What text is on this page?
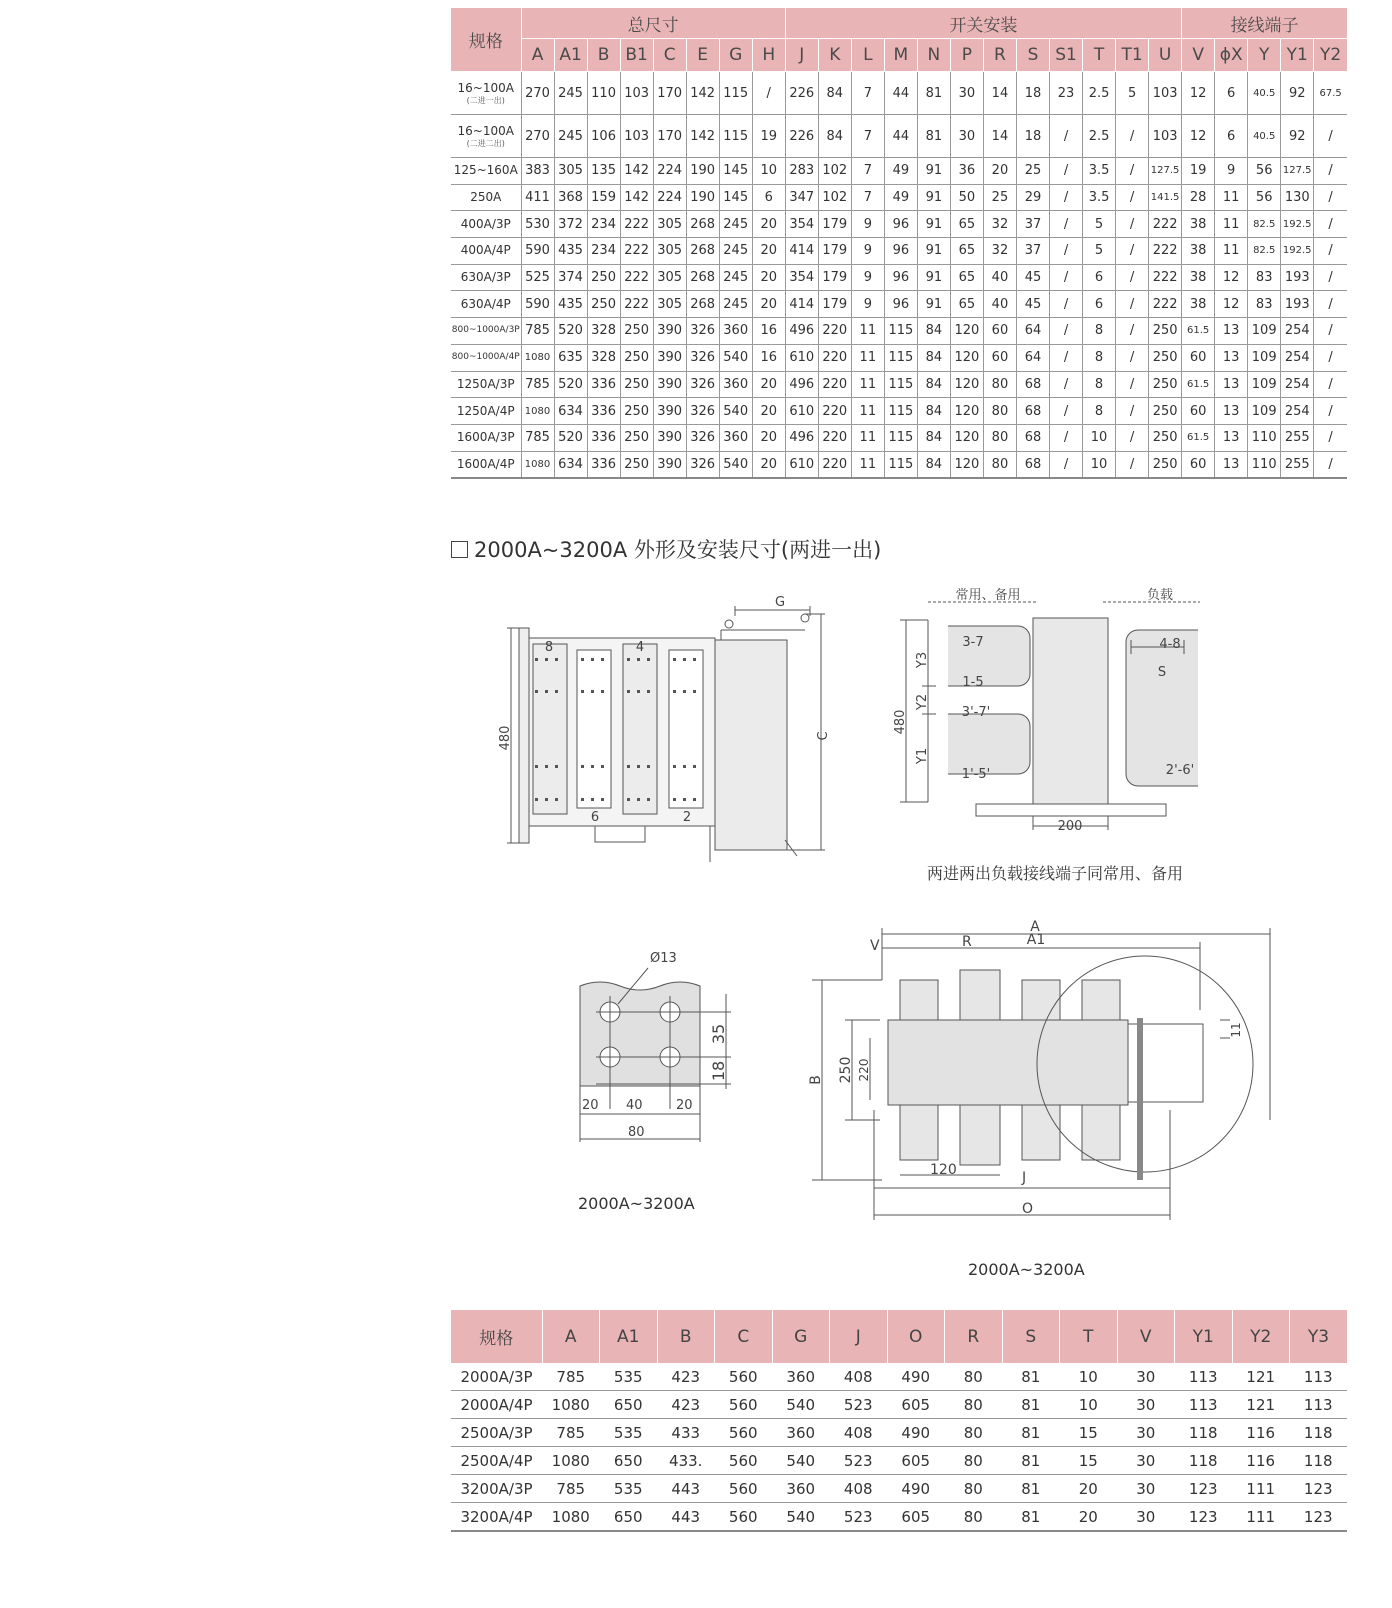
规格	总尺寸								开关安装												接线端子				
	A	A1	B	B1	C	E	G	H	J	K	L	M	N	P	R	S	S1	T	T1	U	V	ϕX	Y	Y1	Y2

16~100A
(二进一出)	270	245	110	103	170	142	115	/	226	84	7	44	81	30	14	18	23	2.5	5	103	12	6	40.5	92	67.5

16~100A
(二进二出)	270	245	106	103	170	142	115	19	226	84	7	44	81	30	14	18	/	2.5	/	103	12	6	40.5	92	/

125~160A	383	305	135	142	224	190	145	10	283	102	7	49	91	36	20	25	/	3.5	/	127.5	19	9	56	127.5	/

250A	411	368	159	142	224	190	145	6	347	102	7	49	91	50	25	29	/	3.5	/	141.5	28	11	56	130	/

400A/3P	530	372	234	222	305	268	245	20	354	179	9	96	91	65	32	37	/	5	/	222	38	11	82.5	192.5	/

400A/4P	590	435	234	222	305	268	245	20	414	179	9	96	91	65	32	37	/	5	/	222	38	11	82.5	192.5	/

630A/3P	525	374	250	222	305	268	245	20	354	179	9	96	91	65	40	45	/	6	/	222	38	12	83	193	/

630A/4P	590	435	250	222	305	268	245	20	414	179	9	96	91	65	40	45	/	6	/	222	38	12	83	193	/

800~1000A/3P	785	520	328	250	390	326	360	16	496	220	11	115	84	120	60	64	/	8	/	250	61.5	13	109	254	/

800~1000A/4P	1080	635	328	250	390	326	540	16	610	220	11	115	84	120	60	64	/	8	/	250	60	13	109	254	/

1250A/3P	785	520	336	250	390	326	360	20	496	220	11	115	84	120	80	68	/	8	/	250	61.5	13	109	254	/

1250A/4P	1080	634	336	250	390	326	540	20	610	220	11	115	84	120	80	68	/	8	/	250	60	13	109	254	/

1600A/3P	785	520	336	250	390	326	360	20	496	220	11	115	84	120	80	68	/	10	/	250	61.5	13	110	255	/

1600A/4P	1080	634	336	250	390	326	540	20	610	220	11	115	84	120	80	68	/	10	/	250	60	13	110	255	/
2000A~3200A 外形及安装尺寸(两进一出)
8	4
6	2
G
C
480
常用、备用	负载
480
Y3
Y2
Y1
200
S
3-7
1-5
3'-7'
1'-5'
4-8
2'-6'
两进两出负载接线端子同常用、备用
Ø13
35
18
20 40	20
80
2000A~3200A
A
A1
V	R
B 250 220
11
120	J
O
2000A~3200A
规格	A	A1	B	C	G	J	O	R	S	T	V	Y1	Y2	Y3
2000A/3P	785	535	423	560	360	408	490	80	81	10	30	113	121	113
2000A/4P	1080	650	423	560	540	523	605	80	81	10	30	113	121	113
2500A/3P	785	535	433	560	360	408	490	80	81	15	30	118	116	118
2500A/4P	1080	650	433.	560	540	523	605	80	81	15	30	118	116	118
3200A/3P	785	535	443	560	360	408	490	80	81	20	30	123	111	123
3200A/4P	1080	650	443	560	540	523	605	80	81	20	30	123	111	123
